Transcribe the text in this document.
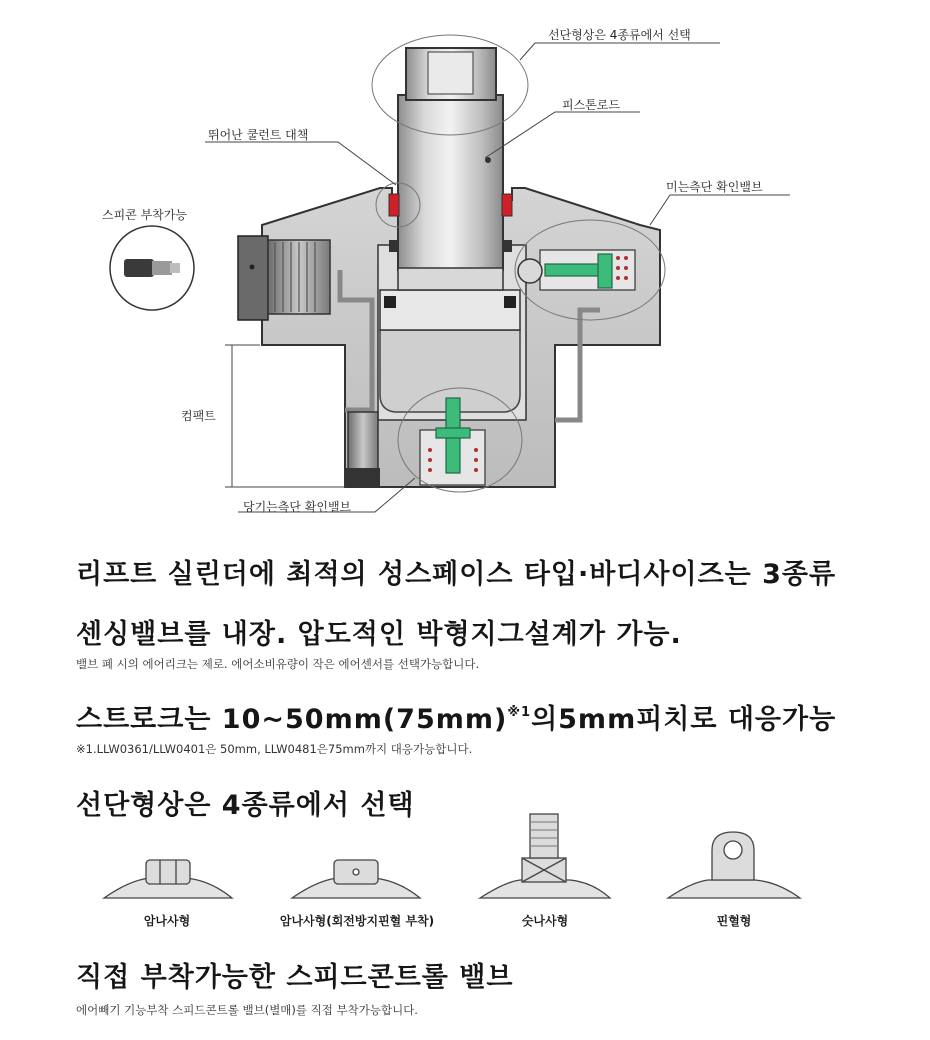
선단형상은 4종류에서 선택
피스톤로드
뛰어난 쿨런트 대책
스피콘 부착가능
미는측단 확인밸브
컴팩트
당기는측단 확인밸브
리프트 실린더에 최적의 성스페이스 타입·바디사이즈는 3종류
센싱밸브를 내장. 압도적인 박형지그설계가 가능.

밸브 폐 시의 에어리크는 제로. 에어소비유량이 작은 에어센서를 선택가능합니다.

스트로크는 $10\sim 50mm(75mm)^{※1}$의5mm피치로 대응가능

※1.LLW0361/LLW0401은 50mm, LLW0481은75mm까지 대응가능합니다.

선단형상은 4종류에서 선택
암나사형	암나사형(회전방지핀혈 부착)	숫나사형	핀혈형
직접 부착가능한 스피드콘트롤 밸브

에어빼기 기능부착 스피드콘트롤 밸브(별매)를 직접 부착가능합니다.
